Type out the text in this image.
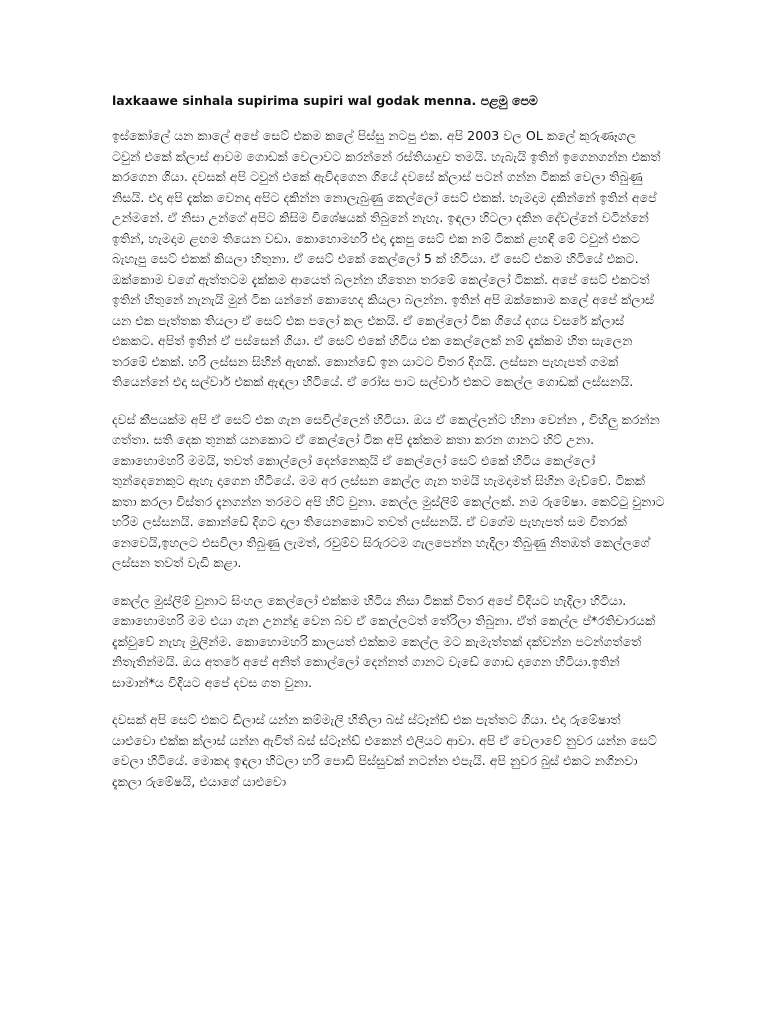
laxkaawe sinhala supirima supiri wal godak menna. පළමු පෙම

ඉස්කෝලේ යන කාලේ අපේ සෙට් එකම කලේ පිස්සු නටපු එක. අපි 2003 වල OL කලේ කුරුණෑගල ටවුන් එකේ ක්ලාස් ආවම ගොඩක් වෙලාවට කරන්නේ රස්තියාදුව තමයි. හැබැයි ඉතින් ඉගෙනගන්න එකත් කරගෙන ගියා. දවසක් අපි ටවුන් එකේ ඇවිදගෙන ගියේ දවසේ ක්ලාස් පටන් ගන්න ටිකක් වෙලා තිබුණු නිසයි. එදා අපි දැක්ක වෙනදා අපිට දකින්න නොලැබුණු කෙල්ලෝ සෙට් එකක්. හැමදාම දකින්නේ ඉතින් අපේ උන්මනේ. ඒ නිසා උන්ගේ අපිට කිසිම විශේෂයක් තිබුනේ නැහැ. ඉඳලා හිටලා දකින දේවල්නේ වටින්නේ ඉතින්, හැමදාම ළඟම තියෙන වඩා. කොහොමහරි එදා දැකපු සෙට් එක නම් ටිකක් ළහඳි මේ ටවුන් එකට බැහැපු සෙට් එකක් කියලා හිතුනා. ඒ සෙට් එකේ කෙල්ලෝ 5 ක් හිටියා. ඒ සෙට් එකම හිටියේ එකට. ඔක්කොම වගේ ඇත්තටම දැක්කම ආයෙත් බලන්න හිතෙන තරමේ කෙල්ලෝ ටිකක්. අපේ සෙට් එකටත් ඉතින් හිතුනේ නැනැයි මුන් ටික යන්නේ කොහෙද කියලා බලන්න. ඉතින් අපි ඔක්කොම කලේ අපේ ක්ලාස් යන එක පැත්තක තියලා ඒ සෙට් එක පලෝ කල එකයි. ඒ කෙල්ලෝ ටික ගියේ දගය වසරේ ක්ලාස් එකකට. අපිත් ඉතින් ඒ පස්සෙන් ගියා. ඒ සෙට් එකේ හිටිය එක කෙල්ලෙක් නම් දැක්කම හිත සැලෙන තරමේ එකක්. හරි ලස්සන සිහින් ඇඟක්. කොන්ඩේ ඉන යාටට විතර දිගයි. ලස්සන පැහැපත් ගමක් තියෙන්නේ එදා සල්වාර් එකක් ඇඳලා හිටියේ. ඒ රෝස පාට සල්වාර් එකට කෙල්ල ගොඩක් ලස්සනයි.

දවස් කීපයක්ම අපි ඒ සෙට් එක ගැන සෙවිල්ලෙන් හිටියා. ඔය ඒ කෙල්ලන්ට හිනා වෙන්න , විහිලු කරන්න ගත්තා. සති දෙක තුනක් යනකොට ඒ කෙල්ලෝ ටික අපි දැක්කම කතා කරන ගානට හිට් උනා. කොහොමහරි මමයි, තවත් කොල්ලෝ දෙන්නෙකුයි ඒ කෙල්ලෝ සෙට් එකේ හිටිය කෙල්ලෝ තුන්දෙනෙකුට ඇහැ දාගෙන හිටියේ. මම අර ලස්සන කෙල්ල ගැන තමයි හැමදාමත් සිහින මැව්වේ. ටිකක් කතා කරලා විස්තර දැනගන්න තරමට අපි හිට් වුනා. කෙල්ල මුස්ලිම් කෙල්ලක්. නම රුමේෂා. කෙට්ටු වුනාට හරිම ලස්සනයි. කොන්ඩේ දිගට දාලා තියෙනකොට තවත් ලස්සනයි. ඒ වගේම පැහැපත් සම විතරක් නෙවෙයි,ඉහලට එසවිලා තිබුණු ලැමත්, රවුම්ව සිරුරටම ගැලපෙන්න හැදිලා තිබුණු නිතඹත් කෙල්ලගේ ලස්සන තවත් වැඩි කළා.

කෙල්ල මුස්ලිම් වුනාට සිංහල කෙල්ලෝ එක්කම හිටිය නිසා ටිකක් විතර අපේ විදියට හැදිලා හිටියා. කොහොමහරි මම එයා ගැන උනන්දු වෙන බව ඒ කෙල්ලටත් තේරිලා තිබුනා. ඒත් කෙල්ල ප්*රතිචාරයක් දැක්වුවේ නැහැ මුලින්ම. කොහොමහරි කාලයත් එක්කම කෙල්ල මට කැමැත්තක් දක්වන්න පටන්ගත්තේ නිතැතින්මයි. ඔය අතරේ අපේ අනිත් කොල්ලෝ දෙන්නත් ගානට වැඩේ ගොඩ දාගෙන හිටියා.ඉතින් සාමාන්*ය විදියට අපේ දවස ගත වුනා.

දවසක් අපි සෙට් එකට ඩිලාස් යන්න කම්මැලි හිතිලා බස් ස්ටෑන්ඩ් එක පැත්තට ගියා. එදා රුමේෂාත් යාළුවො එක්ක ක්ලාස් යන්න ඇවිත් බස් ස්ටෑන්ඩ් එකෙන් එලියට ආවා. අපි ඒ වෙලාවේ නුවර යන්න සෙට් වෙලා හිටියේ. මොකද ඉඳලා හිටලා හරි පොඩි පිස්සුවක් නටන්න එපැයි. අපි නුවර බුස් එකට නගිනවා දැකලා රුමේෂයි, එයාගේ යාළුවො
